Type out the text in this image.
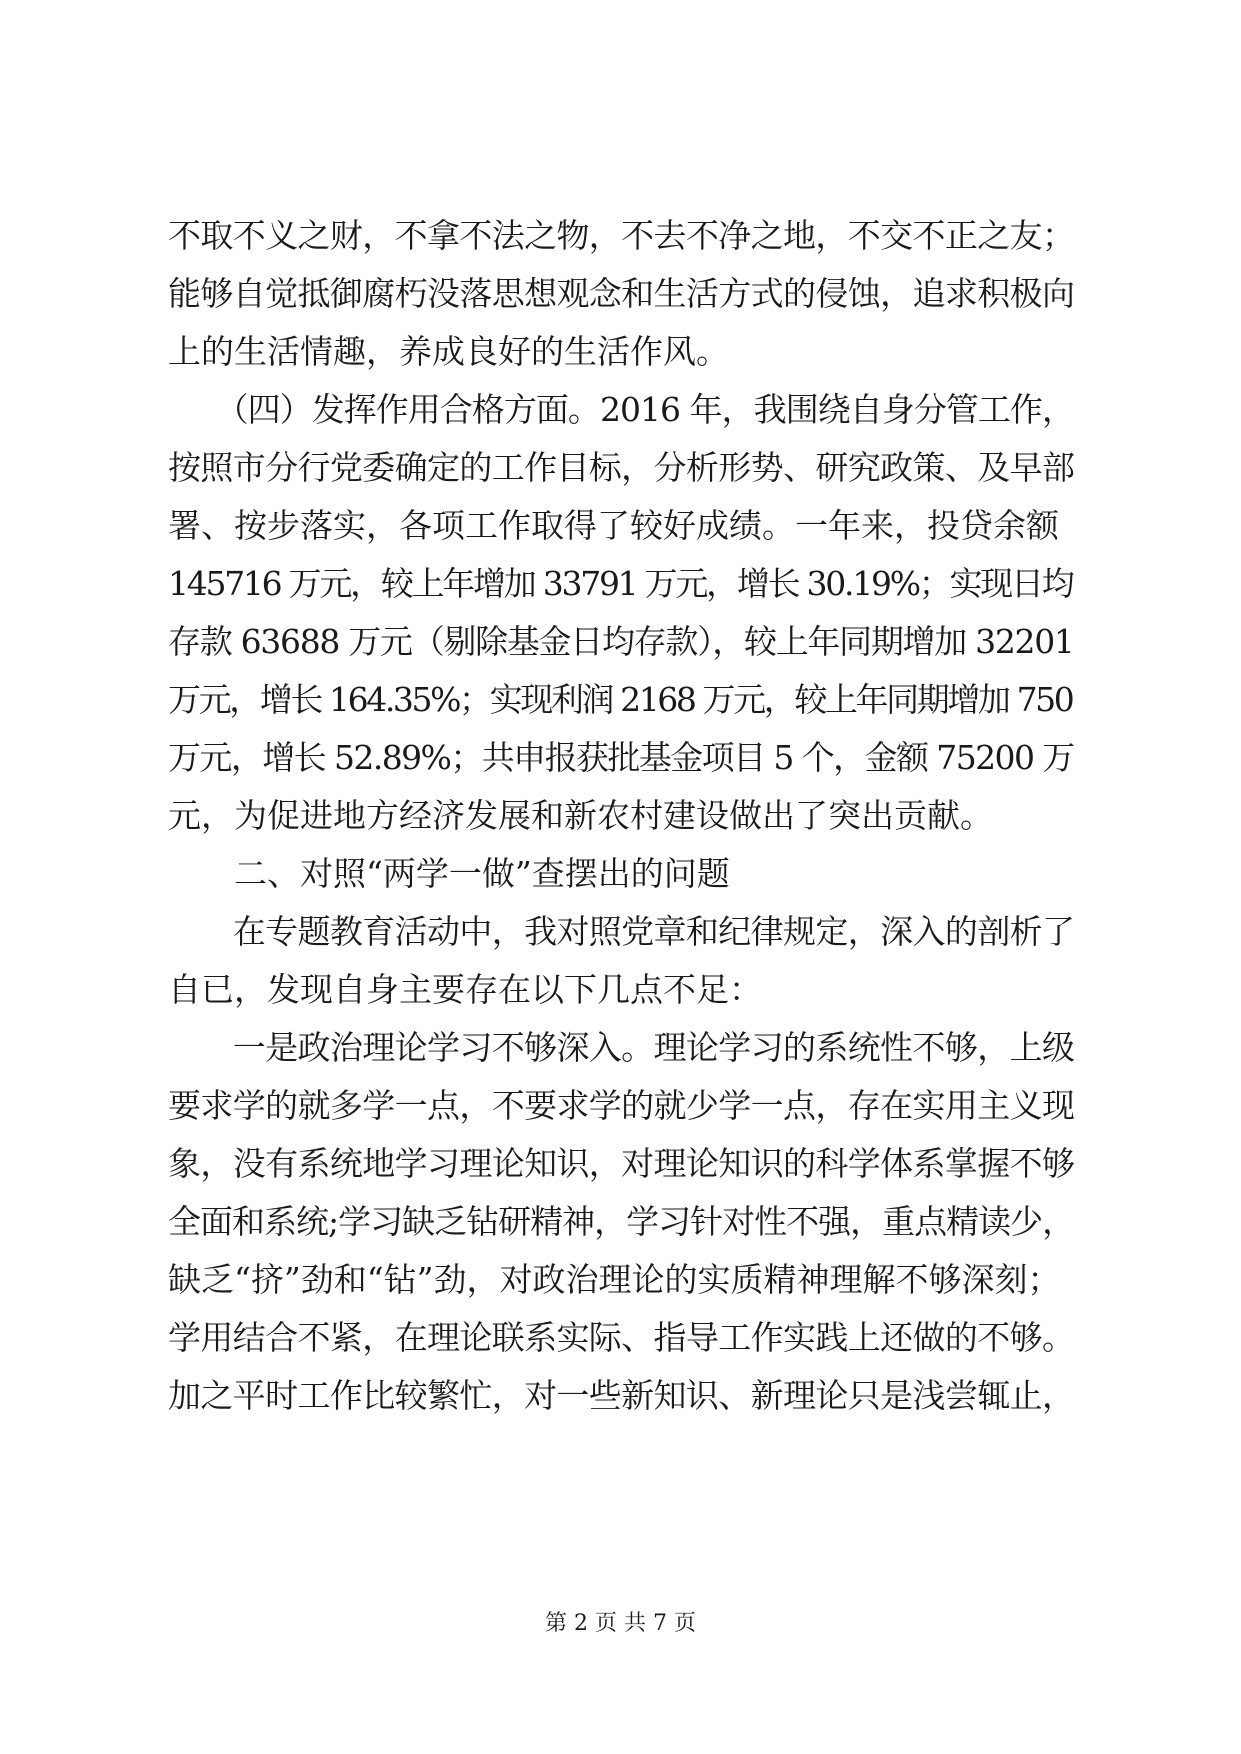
不取不义之财，不拿不法之物，不去不净之地，不交不正之友；
能够自觉抵御腐朽没落思想观念和生活方式的侵蚀，追求积极向
上的生活情趣，养成良好的生活作风。
　　（四）发挥作用合格方面。2016 年，我围绕自身分管工作，
按照市分行党委确定的工作目标，分析形势、研究政策、及早部
署、按步落实，各项工作取得了较好成绩。一年来，投贷余额
145716 万元，较上年增加 33791 万元，增长 30.19%；实现日均
存款 63688 万元（剔除基金日均存款），较上年同期增加 32201
万元，增长 164.35%；实现利润 2168 万元，较上年同期增加 750
万元，增长 52.89%；共申报获批基金项目 5 个，金额 75200 万
元，为促进地方经济发展和新农村建设做出了突出贡献。
　　二、对照“两学一做”查摆出的问题
　　在专题教育活动中，我对照党章和纪律规定，深入的剖析了
自已，发现自身主要存在以下几点不足：
　　一是政治理论学习不够深入。理论学习的系统性不够，上级
要求学的就多学一点，不要求学的就少学一点，存在实用主义现
象，没有系统地学习理论知识，对理论知识的科学体系掌握不够
全面和系统;学习缺乏钻研精神，学习针对性不强，重点精读少，
缺乏“挤”劲和“钻”劲，对政治理论的实质精神理解不够深刻；
学用结合不紧，在理论联系实际、指导工作实践上还做的不够。
加之平时工作比较繁忙，对一些新知识、新理论只是浅尝辄止，
第 2 页 共 7 页
